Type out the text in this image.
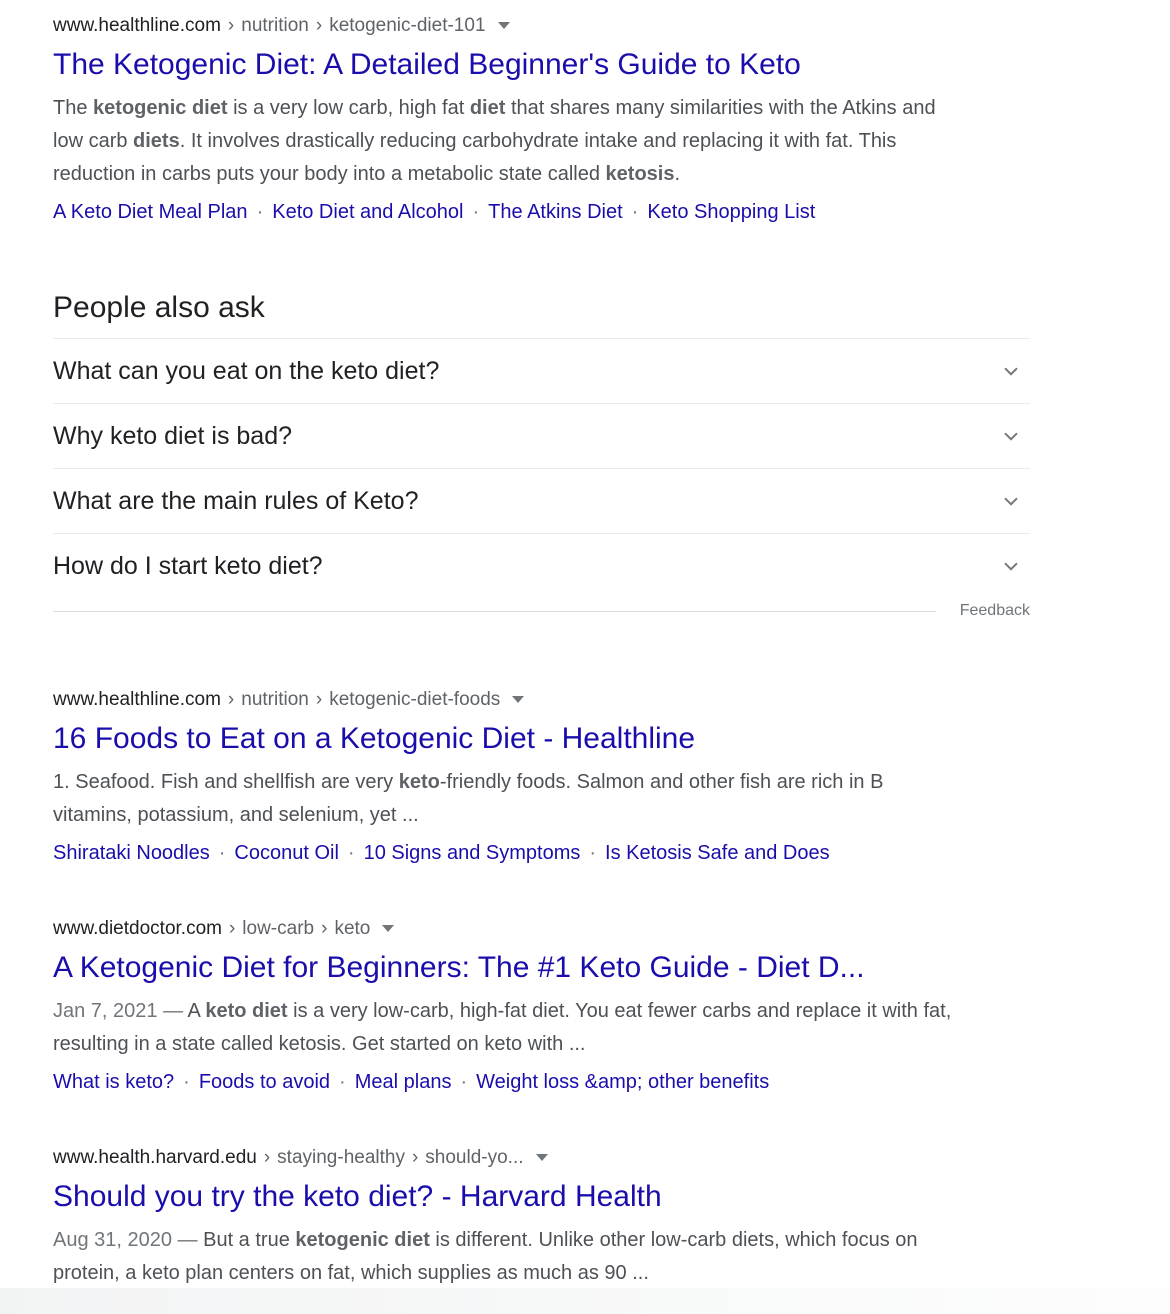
www.healthline.com › nutrition › ketogenic-diet-101
The Ketogenic Diet: A Detailed Beginner's Guide to Keto
The ketogenic diet is a very low carb, high fat diet that shares many similarities with the Atkins and low carb diets. It involves drastically reducing carbohydrate intake and replacing it with fat. This reduction in carbs puts your body into a metabolic state called ketosis.
A Keto Diet Meal Plan · Keto Diet and Alcohol · The Atkins Diet · Keto Shopping List
People also ask
What can you eat on the keto diet?
Why keto diet is bad?
What are the main rules of Keto?
How do I start keto diet?
Feedback
www.healthline.com › nutrition › ketogenic-diet-foods
16 Foods to Eat on a Ketogenic Diet - Healthline
1. Seafood. Fish and shellfish are very keto-friendly foods. Salmon and other fish are rich in B vitamins, potassium, and selenium, yet ...
Shirataki Noodles · Coconut Oil · 10 Signs and Symptoms · Is Ketosis Safe and Does
www.dietdoctor.com › low-carb › keto
A Ketogenic Diet for Beginners: The #1 Keto Guide - Diet D...
Jan 7, 2021 — A keto diet is a very low-carb, high-fat diet. You eat fewer carbs and replace it with fat, resulting in a state called ketosis. Get started on keto with ...
What is keto? · Foods to avoid · Meal plans · Weight loss &amp; other benefits
www.health.harvard.edu › staying-healthy › should-yo...
Should you try the keto diet? - Harvard Health
Aug 31, 2020 — But a true ketogenic diet is different. Unlike other low-carb diets, which focus on protein, a keto plan centers on fat, which supplies as much as 90 ...
